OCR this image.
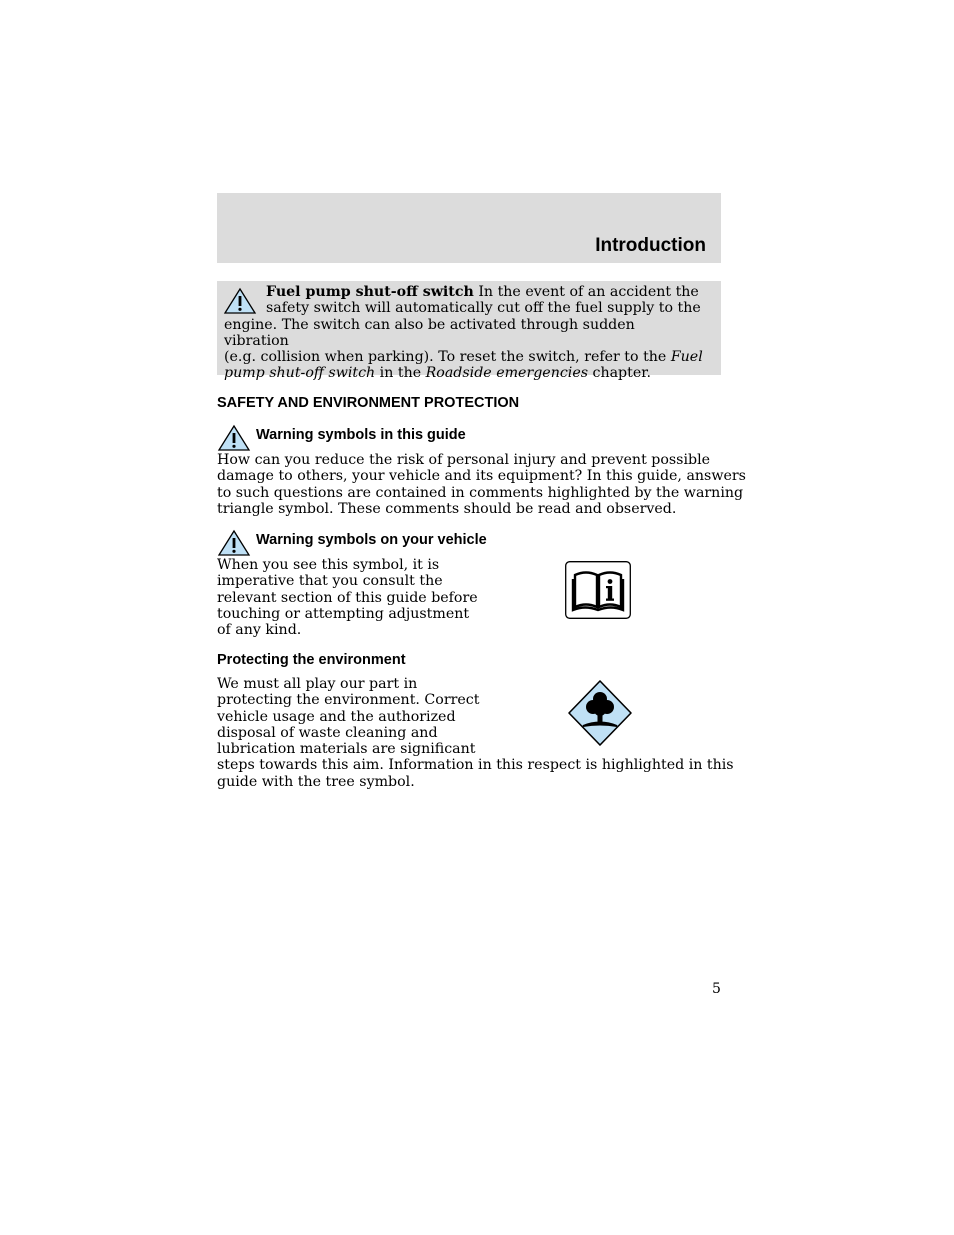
Introduction
Fuel pump shut-off switch In the event of an accident the
safety switch will automatically cut off the fuel supply to the
engine. The switch can also be activated through sudden vibration
(e.g. collision when parking). To reset the switch, refer to the Fuel
pump shut-off switch in the Roadside emergencies chapter.
SAFETY AND ENVIRONMENT PROTECTION
Warning symbols in this guide
How can you reduce the risk of personal injury and prevent possible
damage to others, your vehicle and its equipment? In this guide, answers
to such questions are contained in comments highlighted by the warning
triangle symbol. These comments should be read and observed.
Warning symbols on your vehicle
When you see this symbol, it is
imperative that you consult the
relevant section of this guide before
touching or attempting adjustment
of any kind.
Protecting the environment
We must all play our part in
protecting the environment. Correct
vehicle usage and the authorized
disposal of waste cleaning and
lubrication materials are significant
steps towards this aim. Information in this respect is highlighted in this
guide with the tree symbol.
5
